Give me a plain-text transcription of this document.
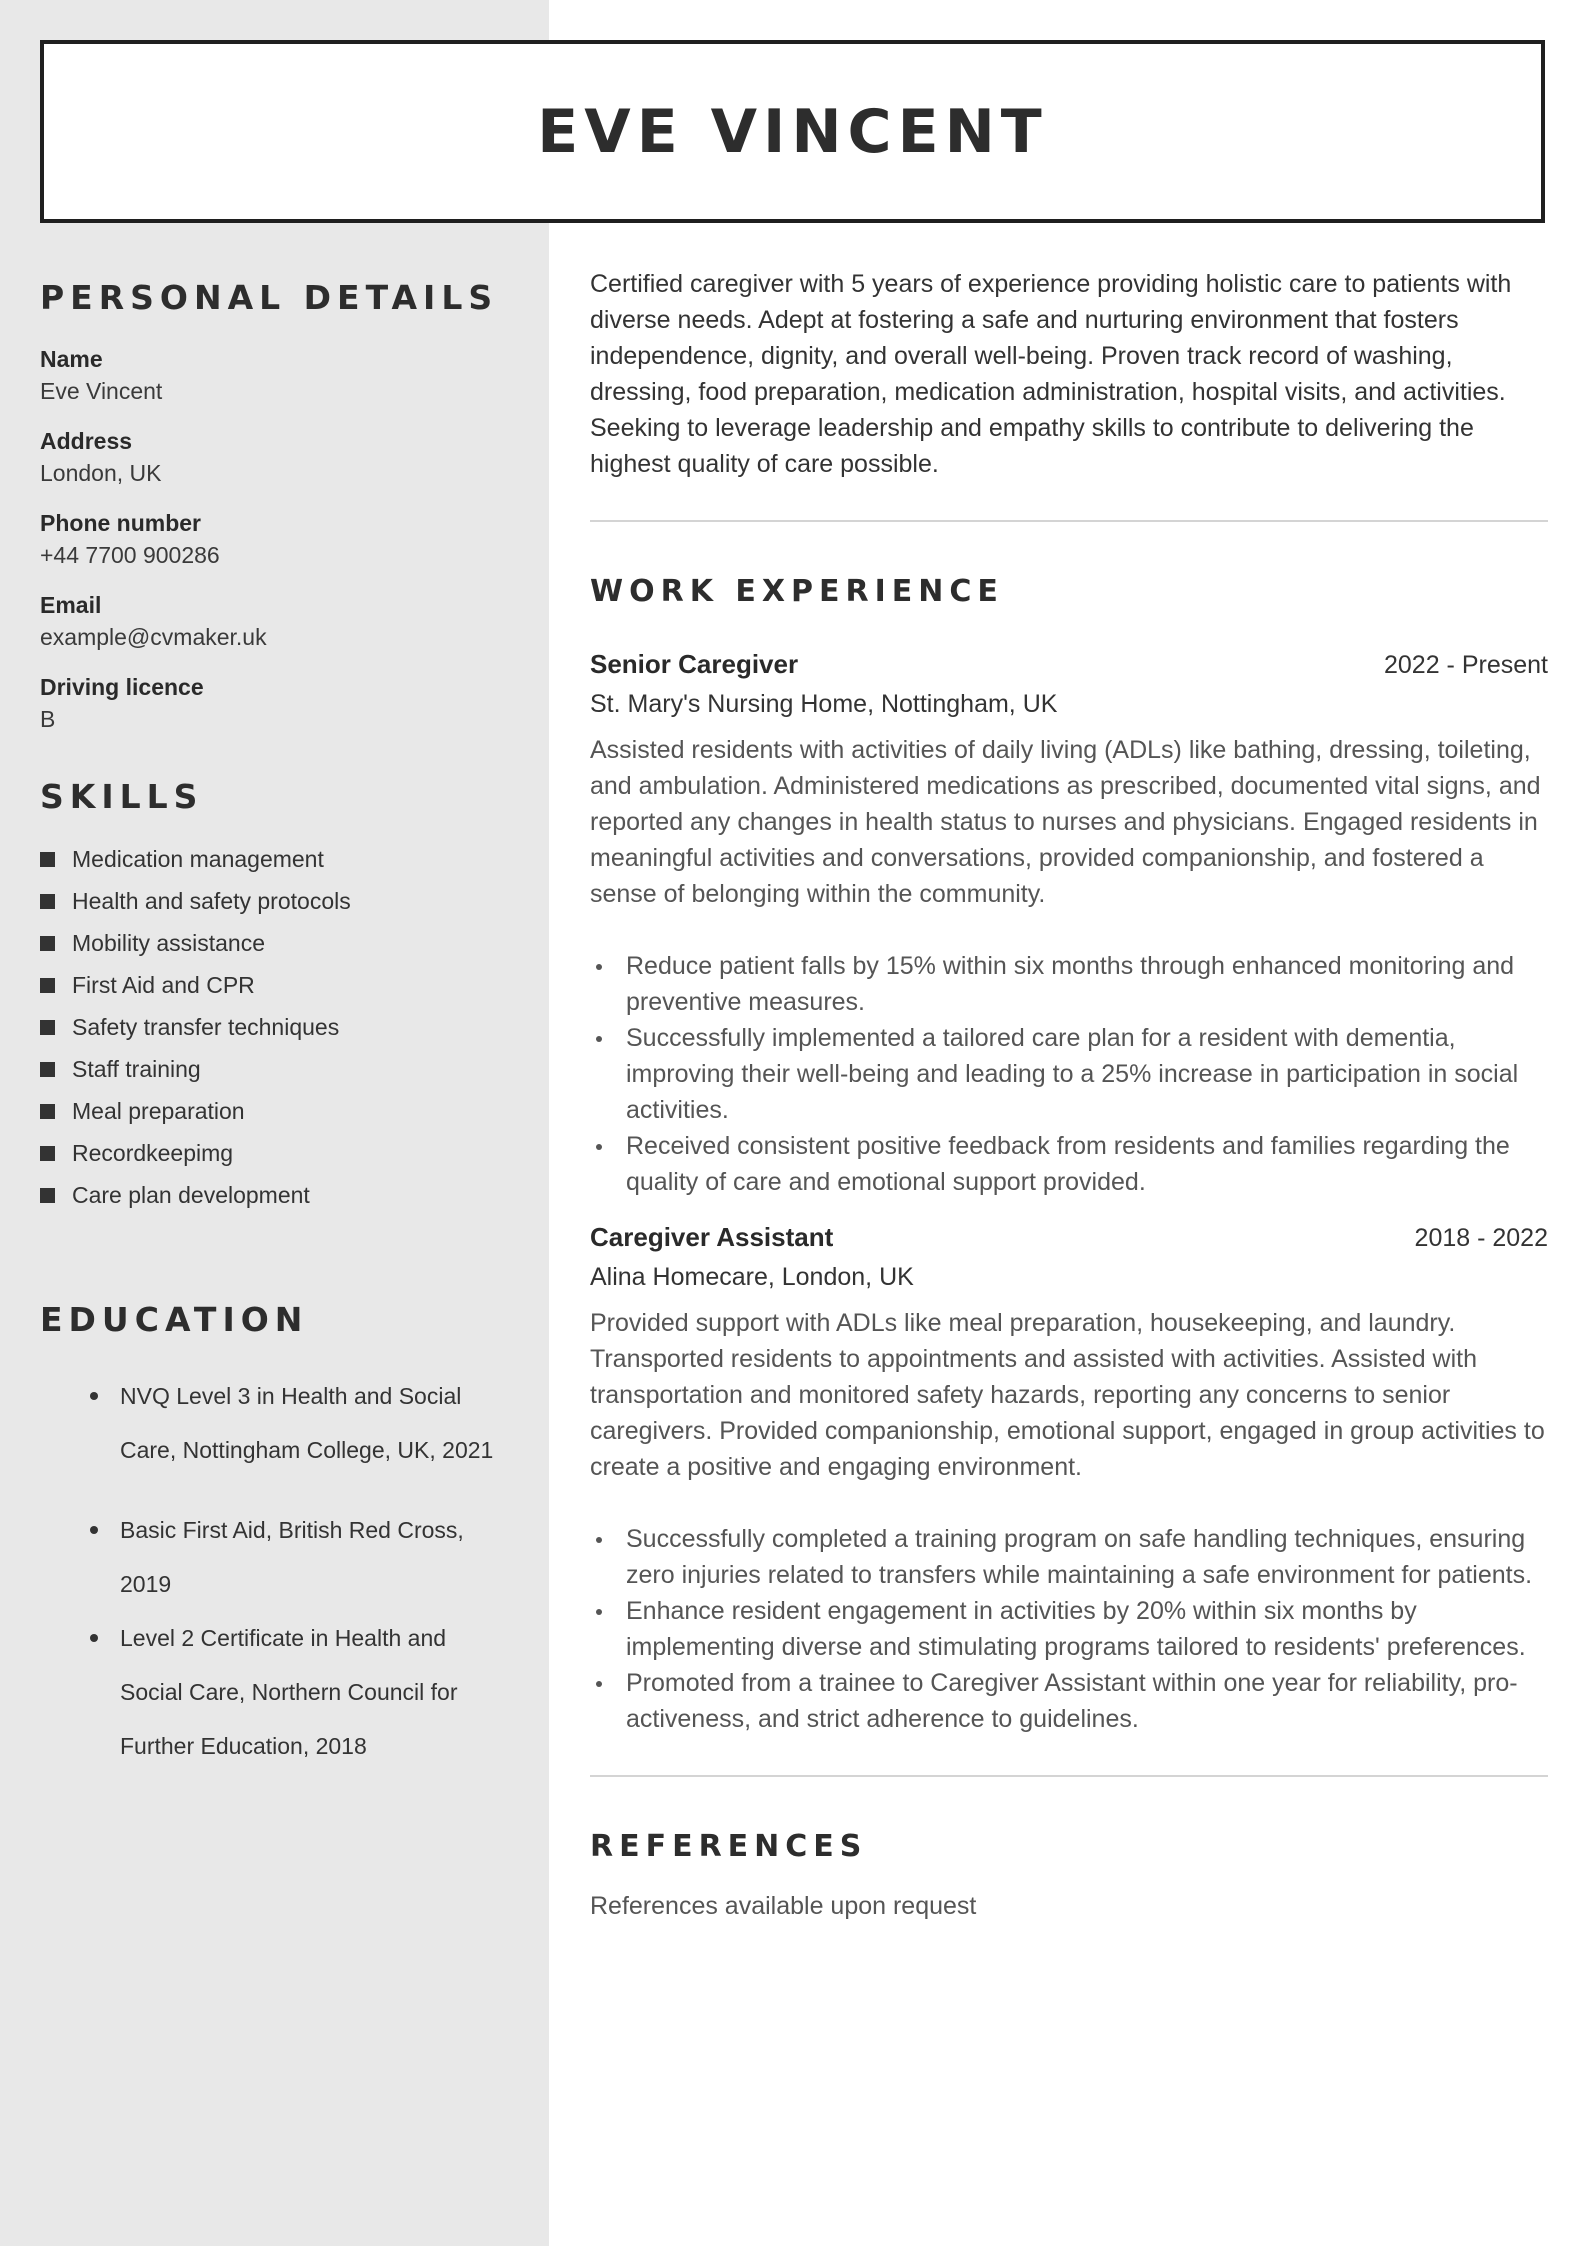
EVE VINCENT
PERSONAL DETAILS
Name
Eve Vincent
Address
London, UK
Phone number
+44 7700 900286
Email
example@cvmaker.uk
Driving licence
B
SKILLS
Medication management
Health and safety protocols
Mobility assistance
First Aid and CPR
Safety transfer techniques
Staff training
Meal preparation
Recordkeepimg
Care plan development
EDUCATION
NVQ Level 3 in Health and Social Care, Nottingham College, UK, 2021
Basic First Aid, British Red Cross, 2019
Level 2 Certificate in Health and Social Care, Northern Council for Further Education, 2018

Certified caregiver with 5 years of experience providing holistic care to patients with diverse needs. Adept at fostering a safe and nurturing environment that fosters independence, dignity, and overall well-being. Proven track record of washing, dressing, food preparation, medication administration, hospital visits, and activities. Seeking to leverage leadership and empathy skills to contribute to delivering the highest quality of care possible.

WORK EXPERIENCE
Senior Caregiver	2022 - Present
St. Mary's Nursing Home, Nottingham, UK
Assisted residents with activities of daily living (ADLs) like bathing, dressing, toileting, and ambulation. Administered medications as prescribed, documented vital signs, and reported any changes in health status to nurses and physicians. Engaged residents in meaningful activities and conversations, provided companionship, and fostered a sense of belonging within the community.
Reduce patient falls by 15% within six months through enhanced monitoring and preventive measures.
Successfully implemented a tailored care plan for a resident with dementia, improving their well-being and leading to a 25% increase in participation in social activities.
Received consistent positive feedback from residents and families regarding the quality of care and emotional support provided.
Caregiver Assistant	2018 - 2022
Alina Homecare, London, UK
Provided support with ADLs like meal preparation, housekeeping, and laundry. Transported residents to appointments and assisted with activities. Assisted with transportation and monitored safety hazards, reporting any concerns to senior caregivers. Provided companionship, emotional support, engaged in group activities to create a positive and engaging environment.
Successfully completed a training program on safe handling techniques, ensuring zero injuries related to transfers while maintaining a safe environment for patients.
Enhance resident engagement in activities by 20% within six months by implementing diverse and stimulating programs tailored to residents' preferences.
Promoted from a trainee to Caregiver Assistant within one year for reliability, pro-activeness, and strict adherence to guidelines.
REFERENCES
References available upon request
